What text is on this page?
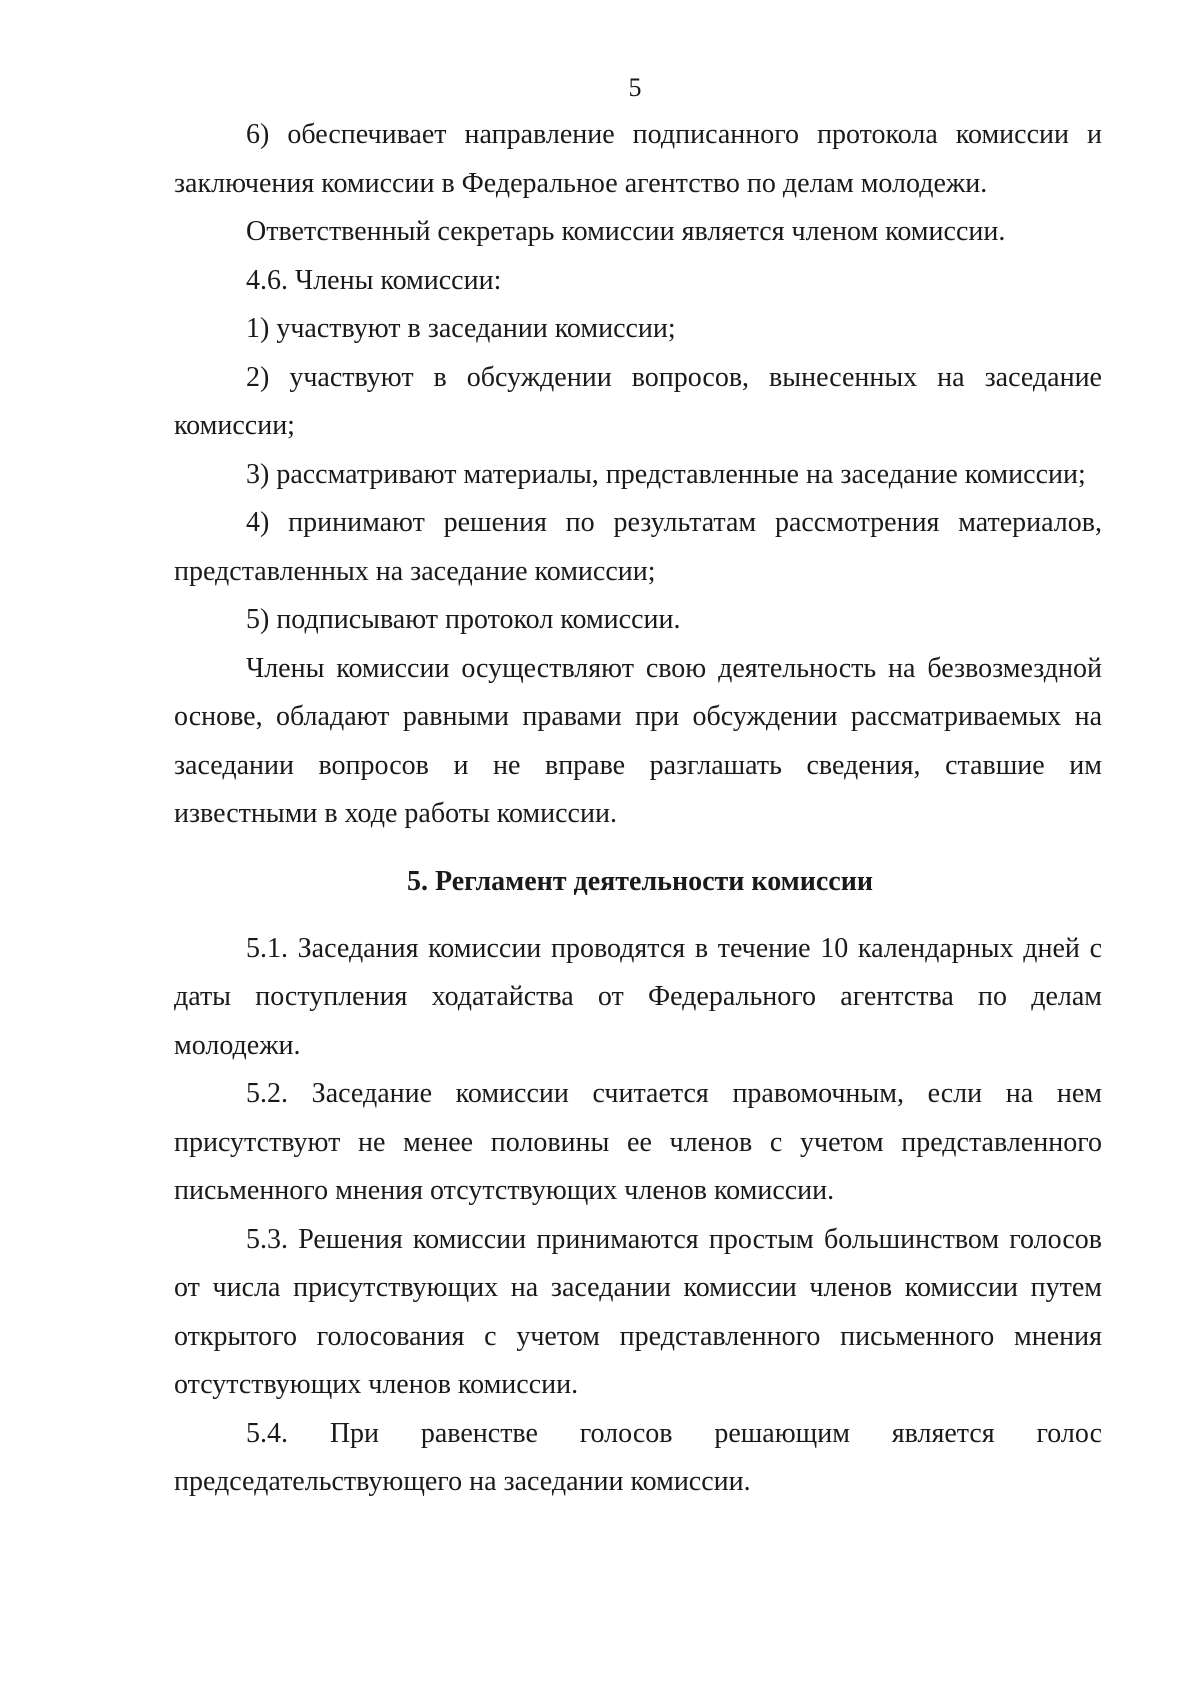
5

6) обеспечивает направление подписанного протокола комиссии и заключения комиссии в Федеральное агентство по делам молодежи.

Ответственный секретарь комиссии является членом комиссии.

4.6. Члены комиссии:

1) участвуют в заседании комиссии;

2) участвуют в обсуждении вопросов, вынесенных на заседание комиссии;

3) рассматривают материалы, представленные на заседание комиссии;

4) принимают решения по результатам рассмотрения материалов, представленных на заседание комиссии;

5) подписывают протокол комиссии.

Члены комиссии осуществляют свою деятельность на безвозмездной основе, обладают равными правами при обсуждении рассматриваемых на заседании вопросов и не вправе разглашать сведения, ставшие им известными в ходе работы комиссии.

5. Регламент деятельности комиссии

5.1. Заседания комиссии проводятся в течение 10 календарных дней с даты поступления ходатайства от Федерального агентства по делам молодежи.

5.2. Заседание комиссии считается правомочным, если на нем присутствуют не менее половины ее членов с учетом представленного письменного мнения отсутствующих членов комиссии.

5.3. Решения комиссии принимаются простым большинством голосов от числа присутствующих на заседании комиссии членов комиссии путем открытого голосования с учетом представленного письменного мнения отсутствующих членов комиссии.

5.4. При равенстве голосов решающим является голос председательствующего на заседании комиссии.
